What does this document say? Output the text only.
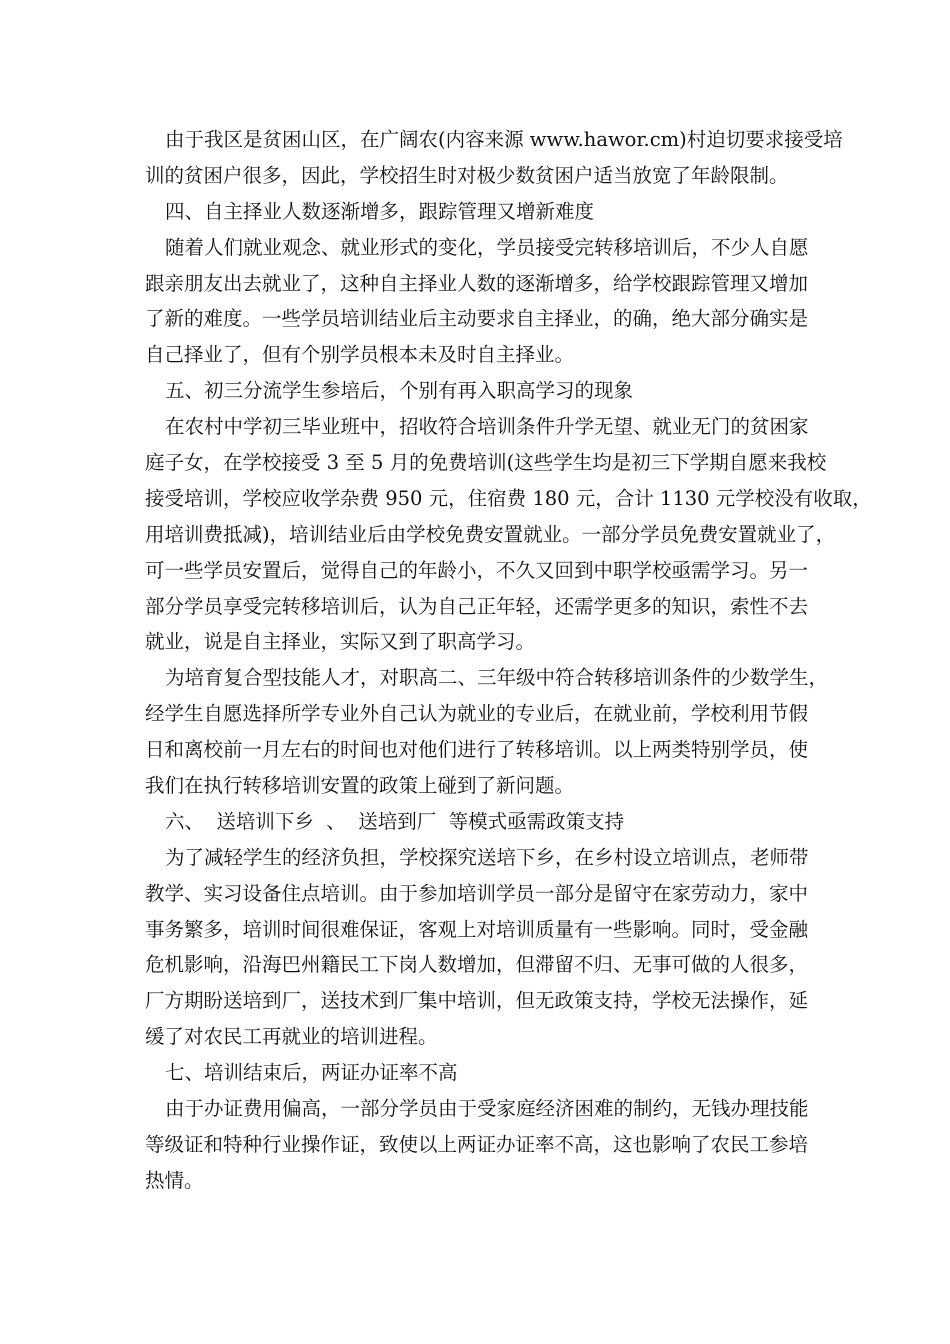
由于我区是贫困山区，在广阔农(内容来源 www.hawor.cm)村迫切要求接受培
训的贫困户很多，因此，学校招生时对极少数贫困户适当放宽了年龄限制。
四、自主择业人数逐渐增多，跟踪管理又增新难度
随着人们就业观念、就业形式的变化，学员接受完转移培训后，不少人自愿
跟亲朋友出去就业了，这种自主择业人数的逐渐增多，给学校跟踪管理又增加
了新的难度。一些学员培训结业后主动要求自主择业，的确，绝大部分确实是
自己择业了，但有个别学员根本未及时自主择业。
五、初三分流学生参培后，个别有再入职高学习的现象
在农村中学初三毕业班中，招收符合培训条件升学无望、就业无门的贫困家
庭子女，在学校接受 3 至 5 月的免费培训(这些学生均是初三下学期自愿来我校
接受培训，学校应收学杂费 950 元，住宿费 180 元，合计 1130 元学校没有收取，
用培训费抵减)，培训结业后由学校免费安置就业。一部分学员免费安置就业了，
可一些学员安置后，觉得自己的年龄小，不久又回到中职学校亟需学习。另一
部分学员享受完转移培训后，认为自己正年轻，还需学更多的知识，索性不去
就业，说是自主择业，实际又到了职高学习。
为培育复合型技能人才，对职高二、三年级中符合转移培训条件的少数学生，
经学生自愿选择所学专业外自己认为就业的专业后，在就业前，学校利用节假
日和离校前一月左右的时间也对他们进行了转移培训。以上两类特别学员，使
我们在执行转移培训安置的政策上碰到了新问题。
六、  送培训下乡  、  送培到厂  等模式亟需政策支持
为了减轻学生的经济负担，学校探究送培下乡，在乡村设立培训点，老师带
教学、实习设备住点培训。由于参加培训学员一部分是留守在家劳动力，家中
事务繁多，培训时间很难保证，客观上对培训质量有一些影响。同时，受金融
危机影响，沿海巴州籍民工下岗人数增加，但滞留不归、无事可做的人很多，
厂方期盼送培到厂，送技术到厂集中培训，但无政策支持，学校无法操作，延
缓了对农民工再就业的培训进程。
七、培训结束后，两证办证率不高
由于办证费用偏高，一部分学员由于受家庭经济困难的制约，无钱办理技能
等级证和特种行业操作证，致使以上两证办证率不高，这也影响了农民工参培
热情。
